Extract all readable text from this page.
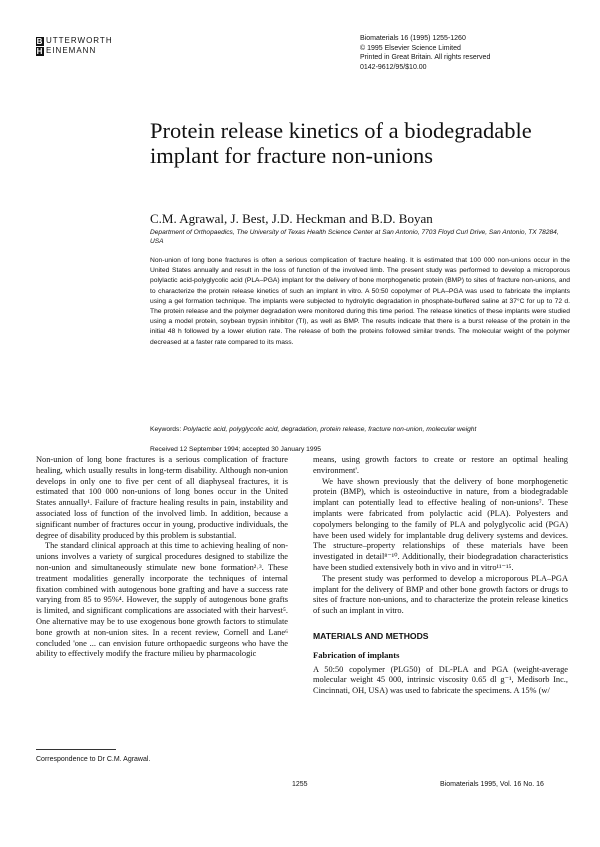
B UTTERWORTH
H EINEMANN
Biomaterials 16 (1995) 1255-1260
© 1995 Elsevier Science Limited
Printed in Great Britain. All rights reserved
0142-9612/95/$10.00
Protein release kinetics of a biodegradable implant for fracture non-unions
C.M. Agrawal, J. Best, J.D. Heckman and B.D. Boyan
Department of Orthopaedics, The University of Texas Health Science Center at San Antonio, 7703 Floyd Curl Drive, San Antonio, TX 78284, USA
Non-union of long bone fractures is often a serious complication of fracture healing. It is estimated that 100 000 non-unions occur in the United States annually and result in the loss of function of the involved limb. The present study was performed to develop a microporous polylactic acid-polyglycolic acid (PLA–PGA) implant for the delivery of bone morphogenetic protein (BMP) to sites of fracture non-unions, and to characterize the protein release kinetics of such an implant in vitro. A 50:50 copolymer of PLA–PGA was used to fabricate the implants using a gel formation technique. The implants were subjected to hydrolytic degradation in phosphate-buffered saline at 37°C for up to 72 d. The protein release and the polymer degradation were monitored during this time period. The release kinetics of these implants were studied using a model protein, soybean trypsin inhibitor (TI), as well as BMP. The results indicate that there is a burst release of the protein in the initial 48 h followed by a lower elution rate. The release of both the proteins followed similar trends. The molecular weight of the polymer decreased at a faster rate compared to its mass.
Keywords: Polylactic acid, polyglycolic acid, degradation, protein release, fracture non-union, molecular weight
Received 12 September 1994; accepted 30 January 1995

Non-union of long bone fractures is a serious complication of fracture healing, which usually results in long-term disability. Although non-union develops in only one to five per cent of all diaphyseal fractures, it is estimated that 100 000 non-unions of long bones occur in the United States annually¹. Failure of fracture healing results in pain, instability and associated loss of function of the involved limb. In addition, because a significant number of fractures occur in young, productive individuals, the degree of disability produced by this problem is substantial.

The standard clinical approach at this time to achieving healing of non-unions involves a variety of surgical procedures designed to stabilize the non-union and simultaneously stimulate new bone formation²˒³. These treatment modalities generally incorporate the techniques of internal fixation combined with autogenous bone grafting and have a success rate varying from 85 to 95%⁴. However, the supply of autogenous bone grafts is limited, and significant complications are associated with their harvest⁵. One alternative may be to use exogenous bone growth factors to stimulate bone growth at non-union sites. In a recent review, Cornell and Lane⁶ concluded 'one ... can envision future orthopaedic surgeons who have the ability to effectively modify the fracture milieu by pharmacologic

means, using growth factors to create or restore an optimal healing environment'.

We have shown previously that the delivery of bone morphogenetic protein (BMP), which is osteoinductive in nature, from a biodegradable implant can potentially lead to effective healing of non-unions⁷. These implants were fabricated from polylactic acid (PLA). Polyesters and copolymers belonging to the family of PLA and polyglycolic acid (PGA) have been used widely for implantable drug delivery systems and devices. The structure–property relationships of these materials have been investigated in detail⁸⁻¹⁰. Additionally, their biodegradation characteristics have been studied extensively both in vivo and in vitro¹¹⁻¹⁵.

The present study was performed to develop a microporous PLA–PGA implant for the delivery of BMP and other bone growth factors or drugs to sites of fracture non-unions, and to characterize the protein release kinetics of such an implant in vitro.

MATERIALS AND METHODS
Fabrication of implants

A 50:50 copolymer (PLG50) of DL-PLA and PGA (weight-average molecular weight 45 000, intrinsic viscosity 0.65 dl g⁻¹, Medisorb Inc., Cincinnati, OH, USA) was used to fabricate the specimens. A 15% (w/

Correspondence to Dr C.M. Agrawal.
1255	Biomaterials 1995, Vol. 16 No. 16
